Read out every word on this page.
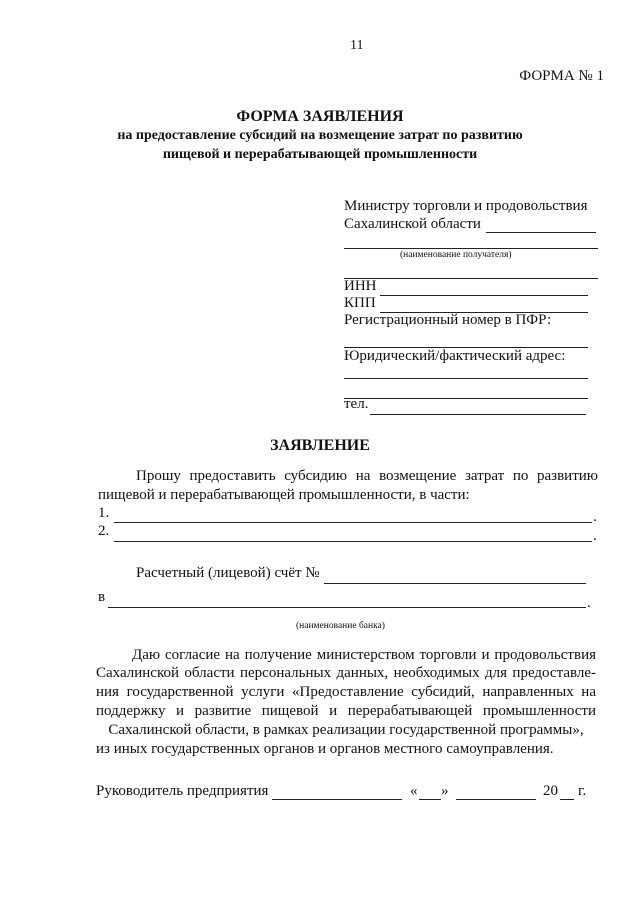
11
ФОРМА № 1
ФОРМА ЗАЯВЛЕНИЯ
на предоставление субсидий на возмещение затрат по развитию
пищевой и перерабатывающей промышленности
Министру торговли и продовольствия
Сахалинской области
(наименование получателя)
ИНН
КПП
Регистрационный номер в ПФР:
Юридический/фактический адрес:
тел.
ЗАЯВЛЕНИЕ
Прошу предоставить субсидию на возмещение затрат по развитию
пищевой и перерабатывающей промышленности, в части:
1.	.
2.	.
Расчетный (лицевой) счёт №
в	.
(наименование банка)
Даю согласие на получение министерством торговли и продовольствия
Сахалинской области персональных данных, необходимых для предоставле-
ния государственной услуги «Предоставление субсидий, направленных на
поддержку и развитие пищевой и перерабатывающей промышленности
Сахалинской области, в рамках реализации государственной программы»,
из иных государственных органов и органов местного самоуправления.
Руководитель предприятия	« »	20 г.
